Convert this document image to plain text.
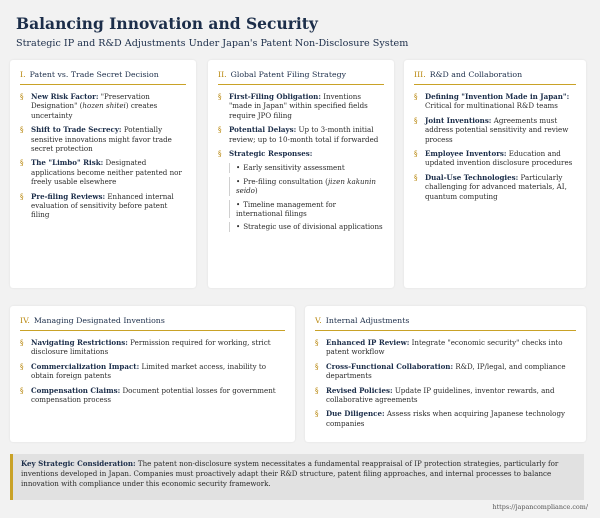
Balancing Innovation and Security
Strategic IP and R&D Adjustments Under Japan's Patent Non-Disclosure System
I. Patent vs. Trade Secret Decision
§ New Risk Factor: "Preservation Designation" (hozen shitei) creates uncertainty
§ Shift to Trade Secrecy: Potentially sensitive innovations might favor trade secret protection
§ The "Limbo" Risk: Designated applications become neither patented nor freely usable elsewhere
§ Pre-filing Reviews: Enhanced internal evaluation of sensitivity before patent filing
II. Global Patent Filing Strategy
§ First-Filing Obligation: Inventions "made in Japan" within specified fields require JPO filing
§ Potential Delays: Up to 3-month initial review; up to 10-month total if forwarded
§ Strategic Responses:
• Early sensitivity assessment
• Pre-filing consultation (jizen kakunin seido)
• Timeline management for international filings
• Strategic use of divisional applications
III. R&D and Collaboration
§ Defining "Invention Made in Japan": Critical for multinational R&D teams
§ Joint Inventions: Agreements must address potential sensitivity and review process
§ Employee Inventors: Education and updated invention disclosure procedures
§ Dual-Use Technologies: Particularly challenging for advanced materials, AI, quantum computing
IV. Managing Designated Inventions
§ Navigating Restrictions: Permission required for working, strict disclosure limitations
§ Commercialization Impact: Limited market access, inability to obtain foreign patents
§ Compensation Claims: Document potential losses for government compensation process
V. Internal Adjustments
§ Enhanced IP Review: Integrate "economic security" checks into patent workflow
§ Cross-Functional Collaboration: R&D, IP/legal, and compliance departments
§ Revised Policies: Update IP guidelines, inventor rewards, and collaborative agreements
§ Due Diligence: Assess risks when acquiring Japanese technology companies
Key Strategic Consideration: The patent non-disclosure system necessitates a fundamental reappraisal of IP protection strategies, particularly for inventions developed in Japan. Companies must proactively adapt their R&D structure, patent filing approaches, and internal processes to balance innovation with compliance under this economic security framework.
https://japancompliance.com/
